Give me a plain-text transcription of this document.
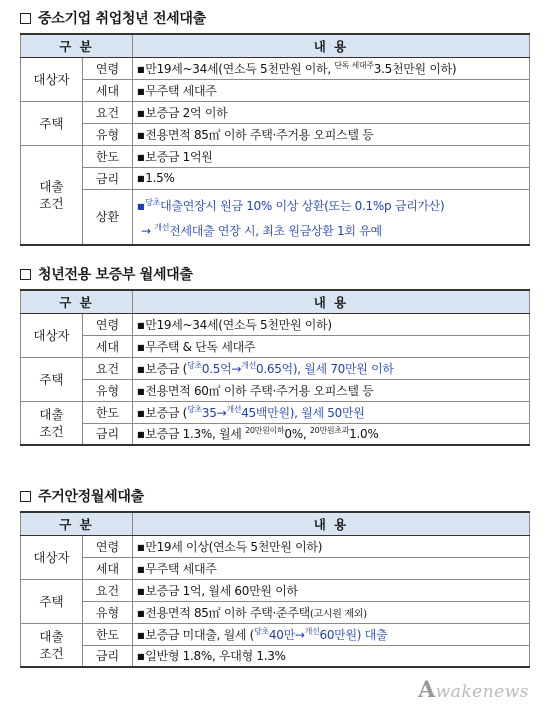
중소기업 취업청년 전세대출
구 분		내 용
대상자	연령	■만19세~34세(연소득 5천만원 이하, $^{단독 세대주}$3.5천만원 이하)
	세대	■무주택 세대주
주택	요건	■보증금 2억 이하
	유형	■전용면적 85㎡ 이하 주택·주거용 오피스텔 등
대출
조건	한도	■보증금 1억원
	금리	■1.5%
	상환	■$^{당초}$대출연장시 원금 10% 이상 상환(또는 0.1%p 금리가산)
→ $^{개선}$전세대출 연장 시, 최초 원금상환 1회 유예
청년전용 보증부 월세대출
구 분		내 용
대상자	연령	■만19세~34세(연소득 5천만원 이하)
	세대	■무주택 & 단독 세대주
주택	요건	■보증금 ($^{당초}$0.5억→$^{개선}$0.65억), 월세 70만원 이하
	유형	■전용면적 60㎡ 이하 주택·주거용 오피스텔 등
대출
조건	한도	■보증금 ($^{당초}$35→$^{개선}$45백만원), 월세 50만원
	금리	■보증금 1.3%, 월세 $^{20만원이하}$0%, $^{20만원초과}$1.0%
주거안정월세대출
구 분		내 용
대상자	연령	■만19세 이상(연소득 5천만원 이하)
	세대	■무주택 세대주
주택	요건	■보증금 1억, 월세 60만원 이하
	유형	■전용면적 85㎡ 이하 주택·준주택(고시원 제외)
대출
조건	한도	■보증금 미대출, 월세 ($^{당초}$40만→$^{개선}$60만원) 대출
	금리	■일반형 1.8%, 우대형 1.3%
Awakenews
